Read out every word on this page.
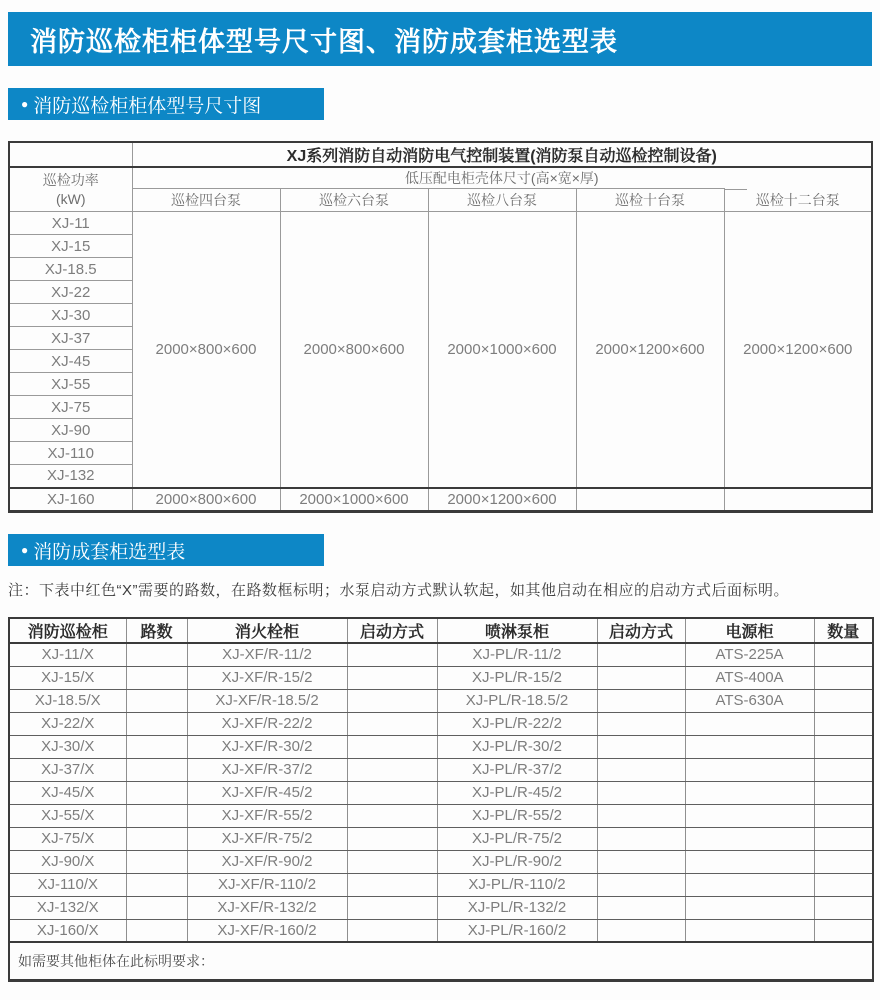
消防巡检柜柜体型号尺寸图、消防成套柜选型表
● 消防巡检柜柜体型号尺寸图
	XJ系列消防自动消防电气控制装置(消防泵自动巡检控制设备)				

巡检功率
(kW)	低压配电柜壳体尺寸(高×宽×厚)				
	巡检四台泵	巡检六台泵	巡检八台泵	巡检十台泵	巡检十二台泵
XJ-11	2000×800×600	2000×800×600	2000×1000×600	2000×1200×600	2000×1200×600
XJ-15					
XJ-18.5					
XJ-22					
XJ-30					
XJ-37					
XJ-45					
XJ-55					
XJ-75					
XJ-90					
XJ-110					
XJ-132					
XJ-160	2000×800×600	2000×1000×600	2000×1200×600		
● 消防成套柜选型表
注：下表中红色“X”需要的路数，在路数框标明；水泵启动方式默认软起，如其他启动在相应的启动方式后面标明。
消防巡检柜	路数	消火栓柜	启动方式	喷淋泵柜	启动方式	电源柜	数量
XJ-11/X		XJ-XF/R-11/2		XJ-PL/R-11/2		ATS-225A	
XJ-15/X		XJ-XF/R-15/2		XJ-PL/R-15/2		ATS-400A	
XJ-18.5/X		XJ-XF/R-18.5/2		XJ-PL/R-18.5/2		ATS-630A	
XJ-22/X		XJ-XF/R-22/2		XJ-PL/R-22/2			
XJ-30/X		XJ-XF/R-30/2		XJ-PL/R-30/2			
XJ-37/X		XJ-XF/R-37/2		XJ-PL/R-37/2			
XJ-45/X		XJ-XF/R-45/2		XJ-PL/R-45/2			
XJ-55/X		XJ-XF/R-55/2		XJ-PL/R-55/2			
XJ-75/X		XJ-XF/R-75/2		XJ-PL/R-75/2			
XJ-90/X		XJ-XF/R-90/2		XJ-PL/R-90/2			
XJ-110/X		XJ-XF/R-110/2		XJ-PL/R-110/2			
XJ-132/X		XJ-XF/R-132/2		XJ-PL/R-132/2			
XJ-160/X		XJ-XF/R-160/2		XJ-PL/R-160/2			
如需要其他柜体在此标明要求：							
